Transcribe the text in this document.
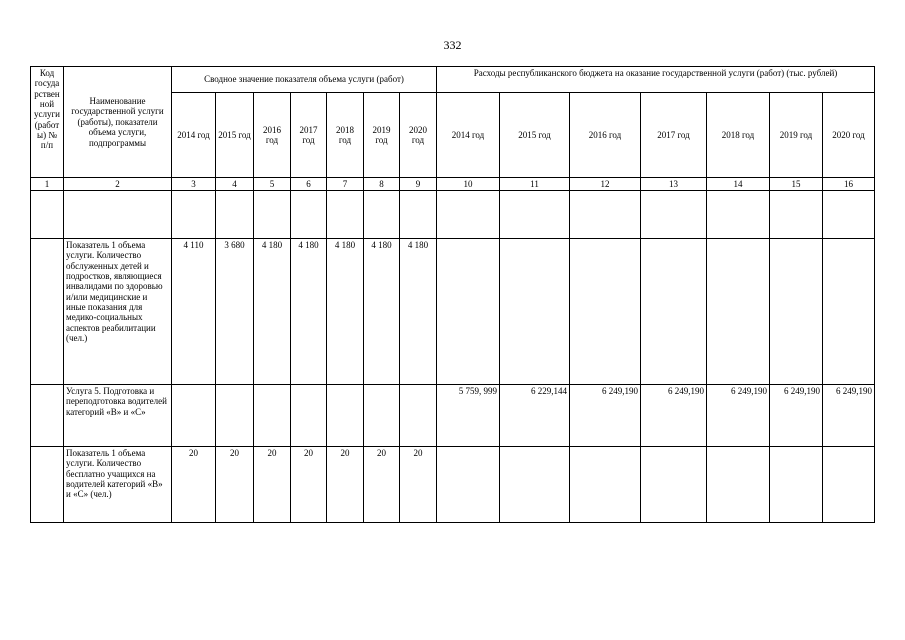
332
Код госуда рствен ной услуги (работ ы) № п/п	Наименование государственной услуги (работы), показатели объема услуги, подпрограммы	Сводное значение показателя объема услуги (работ)							Расходы республиканского бюджета на оказание государственной услуги (работ) (тыс. рублей)						
		2014 год	2015 год	2016 год	2017 год	2018 год	2019 год	2020 год	2014 год	2015 год	2016 год	2017 год	2018 год	2019 год	2020 год
1	2	3	4	5	6	7	8	9	10	11	12	13	14	15	16

	Показатель 1 объема услуги. Количество обслуженных детей и подростков, являющиеся инвалидами по здоровью и/или медицинские и иные показания для медико-социальных аспектов реабилитации (чел.)	4 110	3 680	4 180	4 180	4 180	4 180	4 180							
	Услуга 5. Подготовка и переподготовка водителей категорий «В» и «С»								5 759, 999	6 229,144	6 249,190	6 249,190	6 249,190	6 249,190	6 249,190
	Показатель 1 объема услуги. Количество бесплатно учащихся на водителей категорий «В» и «С» (чел.)	20	20	20	20	20	20	20							
